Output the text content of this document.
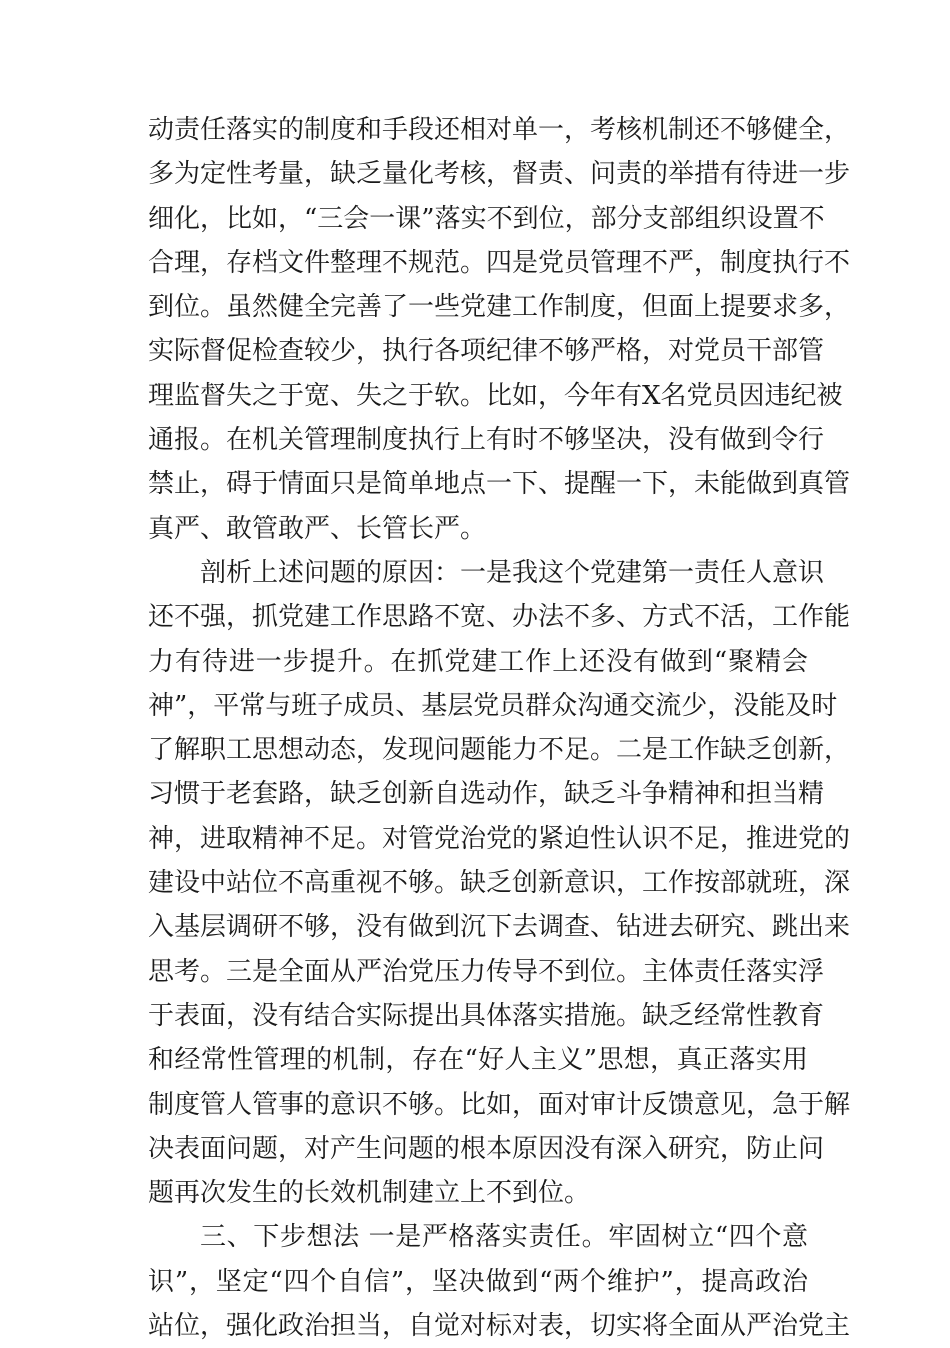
动责任落实的制度和手段还相对单一，考核机制还不够健全，
多为定性考量，缺乏量化考核，督责、问责的举措有待进一步
细化，比如，“三会一课”落实不到位，部分支部组织设置不
合理，存档文件整理不规范。四是党员管理不严，制度执行不
到位。虽然健全完善了一些党建工作制度，但面上提要求多，
实际督促检查较少，执行各项纪律不够严格，对党员干部管
理监督失之于宽、失之于软。比如，今年有X名党员因违纪被
通报。在机关管理制度执行上有时不够坚决，没有做到令行
禁止，碍于情面只是简单地点一下、提醒一下，未能做到真管
真严、敢管敢严、长管长严。
剖析上述问题的原因：一是我这个党建第一责任人意识
还不强，抓党建工作思路不宽、办法不多、方式不活，工作能
力有待进一步提升。在抓党建工作上还没有做到“聚精会
神”，平常与班子成员、基层党员群众沟通交流少，没能及时
了解职工思想动态，发现问题能力不足。二是工作缺乏创新，
习惯于老套路，缺乏创新自选动作，缺乏斗争精神和担当精
神，进取精神不足。对管党治党的紧迫性认识不足，推进党的
建设中站位不高重视不够。缺乏创新意识，工作按部就班，深
入基层调研不够，没有做到沉下去调查、钻进去研究、跳出来
思考。三是全面从严治党压力传导不到位。主体责任落实浮
于表面，没有结合实际提出具体落实措施。缺乏经常性教育
和经常性管理的机制，存在“好人主义”思想，真正落实用
制度管人管事的意识不够。比如，面对审计反馈意见，急于解
决表面问题，对产生问题的根本原因没有深入研究，防止问
题再次发生的长效机制建立上不到位。
三、下步想法 一是严格落实责任。牢固树立“四个意
识”，坚定“四个自信”，坚决做到“两个维护”，提高政治
站位，强化政治担当，自觉对标对表，切实将全面从严治党主
